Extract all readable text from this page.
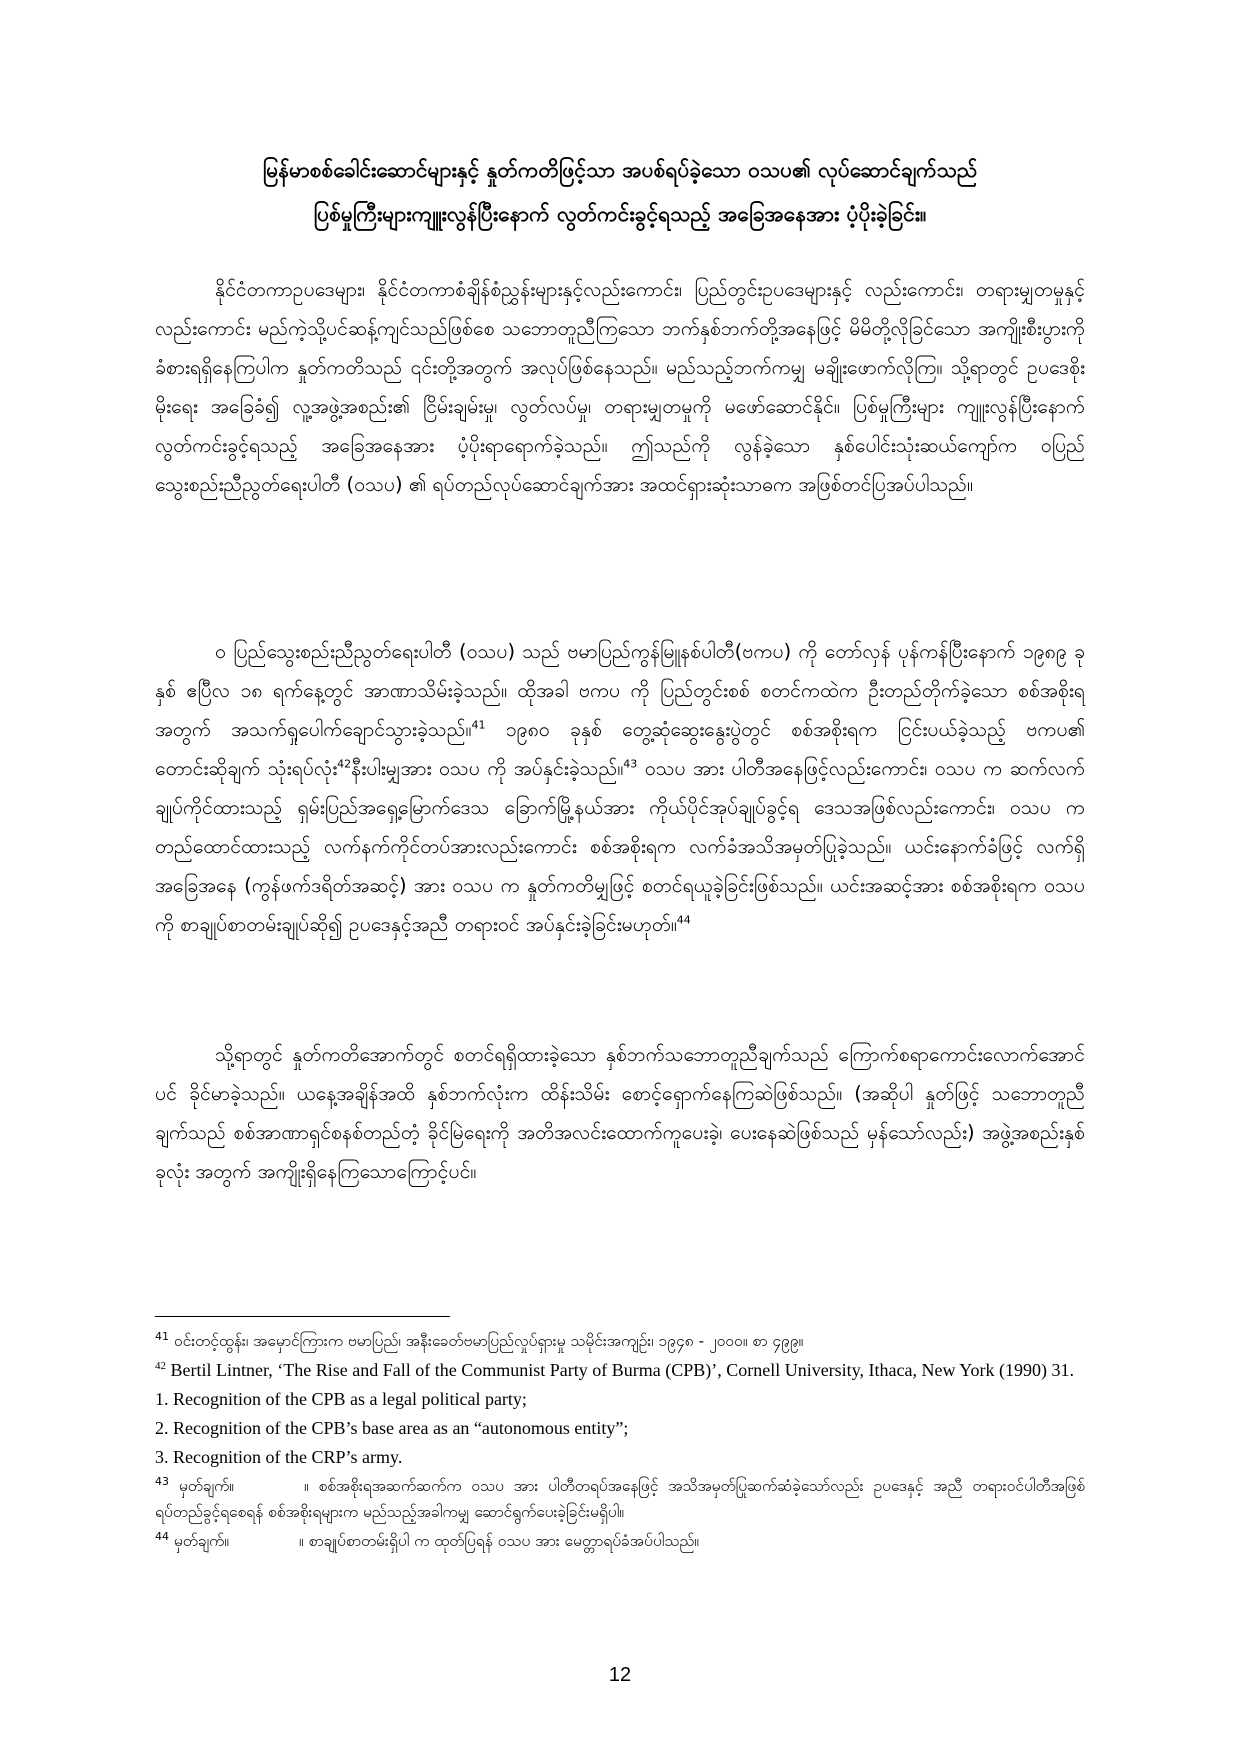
မြန်မာစစ်ခေါင်းဆောင်များနှင့် နှုတ်ကတိဖြင့်သာ အပစ်ရပ်ခဲ့သော ဝသပ၏ လုပ်ဆောင်ချက်သည်
ပြစ်မှုကြီးများကျူးလွန်ပြီးနောက် လွတ်ကင်းခွင့်ရသည့် အခြေအနေအား ပံ့ပိုးခဲ့ခြင်း။

နိုင်ငံတကာဥပဒေများ၊ နိုင်ငံတကာစံချိန်စံညွှန်းများနှင့်လည်းကောင်း၊ ပြည်တွင်းဥပဒေများနှင့် လည်းကောင်း၊ တရားမျှတမှုနှင့်လည်းကောင်း မည်ကဲ့သို့ပင်ဆန့်ကျင်သည်ဖြစ်စေ သဘောတူညီကြသော ဘက်နှစ်ဘက်တို့အနေဖြင့် မိမိတို့လိုခြင်သော အကျိုးစီးပွားကို ခံစားရရှိနေကြပါက နှုတ်ကတိသည် ၎င်းတို့အတွက် အလုပ်ဖြစ်နေသည်။ မည်သည့်ဘက်ကမျှ မချိုးဖောက်လိုကြ။ သို့ရာတွင် ဥပဒေစိုးမိုးရေး အခြေခံ၍ လူ့အဖွဲ့အစည်း၏ ငြိမ်းချမ်းမှု၊ လွတ်လပ်မှု၊ တရားမျှတမှုကို မဖော်ဆောင်နိုင်။ ပြစ်မှုကြီးများ ကျူးလွန်ပြီးနောက် လွတ်ကင်းခွင့်ရသည့် အခြေအနေအား ပံ့ပိုးရာရောက်ခဲ့သည်။ ဤသည်ကို လွန်ခဲ့သော နှစ်ပေါင်းသုံးဆယ်ကျော်က ဝပြည်သွေးစည်းညီညွတ်ရေးပါတီ (ဝသပ) ၏ ရပ်တည်လုပ်ဆောင်ချက်အား အထင်ရှားဆုံးသာဓက အဖြစ်တင်ပြအပ်ပါသည်။

ဝ ပြည်သွေးစည်းညီညွတ်ရေးပါတီ (ဝသပ) သည် ဗမာပြည်ကွန်မြူနစ်ပါတီ(ဗကပ) ကို တော်လှန် ပုန်ကန်ပြီးနောက် ၁၉၈၉ ခုနှစ် ဧပြီလ ၁၈ ရက်နေ့တွင် အာဏာသိမ်းခဲ့သည်။ ထိုအခါ ဗကပ ကို ပြည်တွင်းစစ် စတင်ကထဲက ဦးတည်တိုက်ခဲ့သော စစ်အစိုးရအတွက် အသက်ရှုပေါက်ချောင်သွားခဲ့သည်။$^{41}$ ၁၉၈၀ ခုနှစ် တွေ့ဆုံဆွေးနွေးပွဲတွင် စစ်အစိုးရက ငြင်းပယ်ခဲ့သည့် ဗကပ၏ တောင်းဆိုချက် သုံးရပ်လုံး$^{42}$နီးပါးမျှအား ဝသပ ကို အပ်နှင်းခဲ့သည်။$^{43}$ ဝသပ အား ပါတီအနေဖြင့်လည်းကောင်း၊ ဝသပ က ဆက်လက်ချုပ်ကိုင်ထားသည့် ရှမ်းပြည်အရှေ့မြောက်ဒေသ ခြောက်မြို့နယ်အား ကိုယ်ပိုင်အုပ်ချုပ်ခွင့်ရ ဒေသအဖြစ်လည်းကောင်း၊ ဝသပ က တည်ထောင်ထားသည့် လက်နက်ကိုင်တပ်အားလည်းကောင်း စစ်အစိုးရက လက်ခံအသိအမှတ်ပြုခဲ့သည်။ ယင်းနောက်ခံဖြင့် လက်ရှိအခြေအနေ (ကွန်ဖက်ဒရိတ်အဆင့်) အား ဝသပ က နှုတ်ကတိမျှဖြင့် စတင်ရယူခဲ့ခြင်းဖြစ်သည်။ ယင်းအဆင့်အား စစ်အစိုးရက ဝသပ ကို စာချုပ်စာတမ်းချုပ်ဆို၍ ဥပဒေနှင့်အညီ တရားဝင် အပ်နှင်းခဲ့ခြင်းမဟုတ်။$^{44}$

သို့ရာတွင် နှုတ်ကတိအောက်တွင် စတင်ရရှိထားခဲ့သော နှစ်ဘက်သဘောတူညီချက်သည် ကြောက်စရာကောင်းလောက်အောင်ပင် ခိုင်မာခဲ့သည်။ ယနေ့အချိန်အထိ နှစ်ဘက်လုံးက ထိန်းသိမ်း စောင့်ရှောက်နေကြဆဲဖြစ်သည်။ (အဆိုပါ နှုတ်ဖြင့် သဘောတူညီချက်သည် စစ်အာဏာရှင်စနစ်တည်တံ့ ခိုင်မြဲရေးကို အတိအလင်းထောက်ကူပေးခဲ့၊ ပေးနေဆဲဖြစ်သည် မှန်သော်လည်း) အဖွဲ့အစည်းနှစ်ခုလုံး အတွက် အကျိုးရှိနေကြသောကြောင့်ပင်။

$^{41}$ ဝင်းတင့်ထွန်း၊ အမှောင်ကြားက ဗမာပြည်၊ အနီးခေတ်ဗမာပြည်လှုပ်ရှားမှု သမိုင်းအကျဉ်း၊ ၁၉၄၈ - ၂၀၀၀။ စာ ၄၉၉။

$^{42}$ Bertil Lintner, ‘The Rise and Fall of the Communist Party of Burma (CPB)’, Cornell University, Ithaca, New York (1990) 31.

1. Recognition of the CPB as a legal political party;

2. Recognition of the CPB’s base area as an “autonomous entity”;

3. Recognition of the CRP’s army.

$^{43}$ မှတ်ချက်။	။ စစ်အစိုးရအဆက်ဆက်က ဝသပ အား ပါတီတရပ်အနေဖြင့် အသိအမှတ်ပြုဆက်ဆံခဲ့သော်လည်း ဥပဒေနှင့် အညီ တရားဝင်ပါတီအဖြစ် ရပ်တည်ခွင့်ရစေရန် စစ်အစိုးရများက မည်သည့်အခါကမျှ ဆောင်ရွက်ပေးခဲ့ခြင်းမရှိပါ။

$^{44}$ မှတ်ချက်။	။ စာချုပ်စာတမ်းရှိပါ က ထုတ်ပြရန် ဝသပ အား မေတ္တာရပ်ခံအပ်ပါသည်။

12
